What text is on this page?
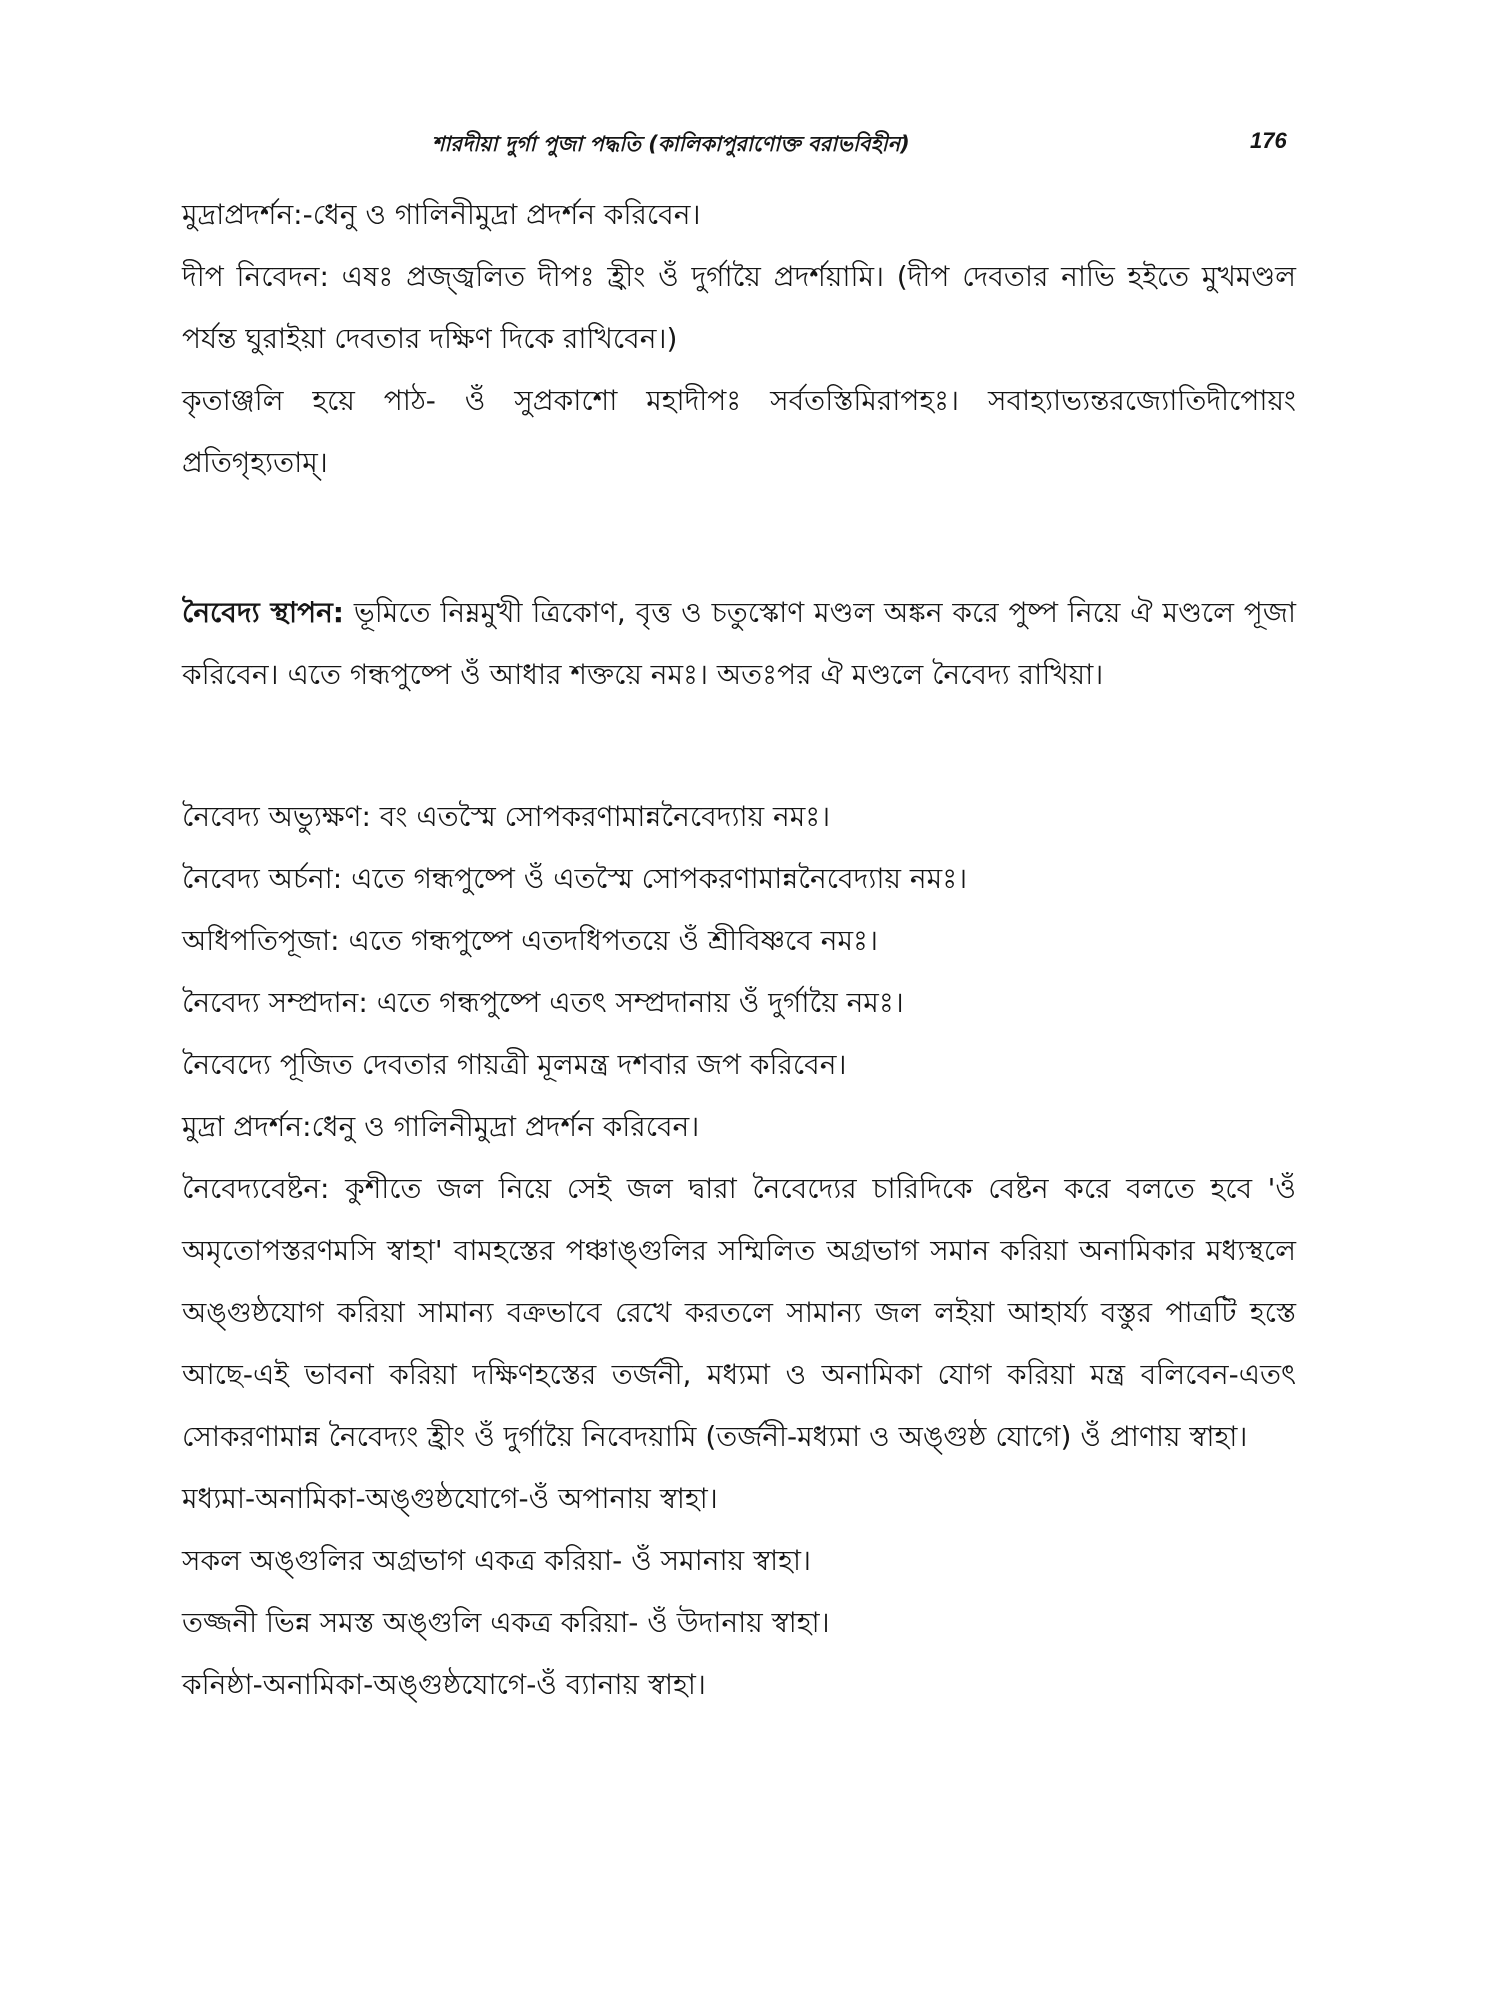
শারদীয়া দুর্গা পুজা পদ্ধতি (কালিকাপুরাণোক্ত বরাভবিহীন)	176

মুদ্রাপ্রদর্শন:-ধেনু ও গালিনীমুদ্রা প্রদর্শন করিবেন।

দীপ নিবেদন: এষঃ প্রজ্জ্বলিত দীপঃ হ্রীং ওঁ দুর্গায়ৈ প্রদর্শয়ামি। (দীপ দেবতার নাভি হইতে মুখমণ্ডল পর্যন্ত ঘুরাইয়া দেবতার দক্ষিণ দিকে রাখিবেন।)

কৃতাঞ্জলি হয়ে পাঠ- ওঁ সুপ্রকাশো মহাদীপঃ সর্বতস্তিমিরাপহঃ। সবাহ্যাভ্যন্তরজ্যোতিদীপোয়ং প্রতিগৃহ্যতাম্।

নৈবেদ্য স্থাপন: ভূমিতে নিম্নমুখী ত্রিকোণ, বৃত্ত ও চতুস্কোণ মণ্ডল অঙ্কন করে পুষ্প নিয়ে ঐ মণ্ডলে পূজা করিবেন। এতে গন্ধপুষ্পে ওঁ আধার শক্তয়ে নমঃ। অতঃপর ঐ মণ্ডলে নৈবেদ্য রাখিয়া।

নৈবেদ্য অভ্যুক্ষণ: বং এতস্মৈ সোপকরণামান্ননৈবেদ্যায় নমঃ।

নৈবেদ্য অর্চনা: এতে গন্ধপুষ্পে ওঁ এতস্মৈ সোপকরণামান্ননৈবেদ্যায় নমঃ।

অধিপতিপূজা: এতে গন্ধপুষ্পে এতদধিপতয়ে ওঁ শ্রীবিষ্ণবে নমঃ।

নৈবেদ্য সম্প্রদান: এতে গন্ধপুষ্পে এতৎ সম্প্রদানায় ওঁ দুর্গায়ৈ নমঃ।

নৈবেদ্যে পূজিত দেবতার গায়ত্রী মূলমন্ত্র দশবার জপ করিবেন।

মুদ্রা প্রদর্শন:ধেনু ও গালিনীমুদ্রা প্রদর্শন করিবেন।

নৈবেদ্যবেষ্টন: কুশীতে জল নিয়ে সেই জল দ্বারা নৈবেদ্যের চারিদিকে বেষ্টন করে বলতে হবে 'ওঁ অমৃতোপস্তরণমসি স্বাহা' বামহস্তের পঞ্চাঙ্গুলির সম্মিলিত অগ্রভাগ সমান করিয়া অনামিকার মধ্যস্থলে অঙ্গুষ্ঠযোগ করিয়া সামান্য বক্রভাবে রেখে করতলে সামান্য জল লইয়া আহার্য্য বস্তুর পাত্রটি হস্তে আছে-এই ভাবনা করিয়া দক্ষিণহস্তের তর্জনী, মধ্যমা ও অনামিকা যোগ করিয়া মন্ত্র বলিবেন-এতৎ সোকরণামান্ন নৈবেদ্যং হ্রীং ওঁ দুর্গায়ৈ নিবেদয়ামি (তর্জনী-মধ্যমা ও অঙ্গুষ্ঠ যোগে) ওঁ প্রাণায় স্বাহা।

মধ্যমা-অনামিকা-অঙ্গুষ্ঠযোগে-ওঁ অপানায় স্বাহা।

সকল অঙ্গুলির অগ্রভাগ একত্র করিয়া- ওঁ সমানায় স্বাহা।

তজ্জনী ভিন্ন সমস্ত অঙ্গুলি একত্র করিয়া- ওঁ উদানায় স্বাহা।

কনিষ্ঠা-অনামিকা-অঙ্গুষ্ঠযোগে-ওঁ ব্যানায় স্বাহা।
